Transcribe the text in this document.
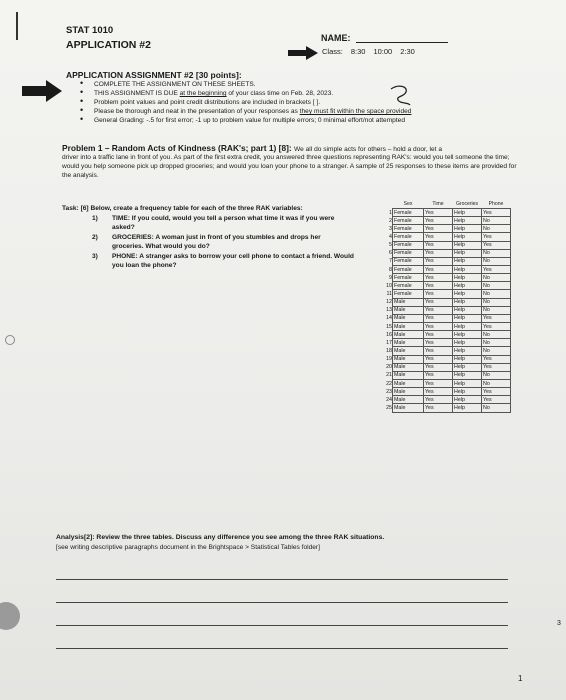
STAT 1010
APPLICATION #2
NAME:
Class: 8:30 10:00 2:30
APPLICATION ASSIGNMENT #2 [30 points]:
• COMPLETE THE ASSIGNMENT ON THESE SHEETS.
• THIS ASSIGNMENT IS DUE at the beginning of your class time on Feb. 28, 2023.
• Problem point values and point credit distributions are included in brackets [ ].
• Please be thorough and neat in the presentation of your responses as they must fit within the space provided
• General Grading: -.5 for first error; -1 up to problem value for multiple errors; 0 minimal effort/not attempted
Problem 1 – Random Acts of Kindness (RAK's; part 1) [8]: We all do simple acts for others – hold a door, let a
driver into a traffic lane in front of you. As part of the first extra credit, you answered three questions representing RAK's: would you tell someone the time; would you help someone pick up dropped groceries; and would you loan your phone to a stranger. A sample of 25 responses to these items are provided for the analysis.
Task: [6] Below, create a frequency table for each of the three RAK variables:
1) TIME: If you could, would you tell a person what time it was if you were asked?
2) GROCERIES: A woman just in front of you stumbles and drops her groceries. What would you do?
3) PHONE: A stranger asks to borrow your cell phone to contact a friend. Would you loan the phone?
	Sex	Time	Groceries	Phone
1	Female	Yes	Help	Yes
2	Female	Yes	Help	No
3	Female	Yes	Help	No
4	Female	Yes	Help	Yes
5	Female	Yes	Help	Yes
6	Female	Yes	Help	No
7	Female	Yes	Help	No
8	Female	Yes	Help	Yes
9	Female	Yes	Help	No
10	Female	Yes	Help	No
11	Female	Yes	Help	No
12	Male	Yes	Help	No
13	Male	Yes	Help	No
14	Male	Yes	Help	Yes
15	Male	Yes	Help	Yes
16	Male	Yes	Help	No
17	Male	Yes	Help	No
18	Male	Yes	Help	No
19	Male	Yes	Help	Yes
20	Male	Yes	Help	Yes
21	Male	Yes	Help	No
22	Male	Yes	Help	No
23	Male	Yes	Help	Yes
24	Male	Yes	Help	Yes
25	Male	Yes	Help	No
Analysis[2]: Review the three tables. Discuss any difference you see among the three RAK situations.
[see writing descriptive paragraphs document in the Brightspace > Statistical Tables folder]
1
3
